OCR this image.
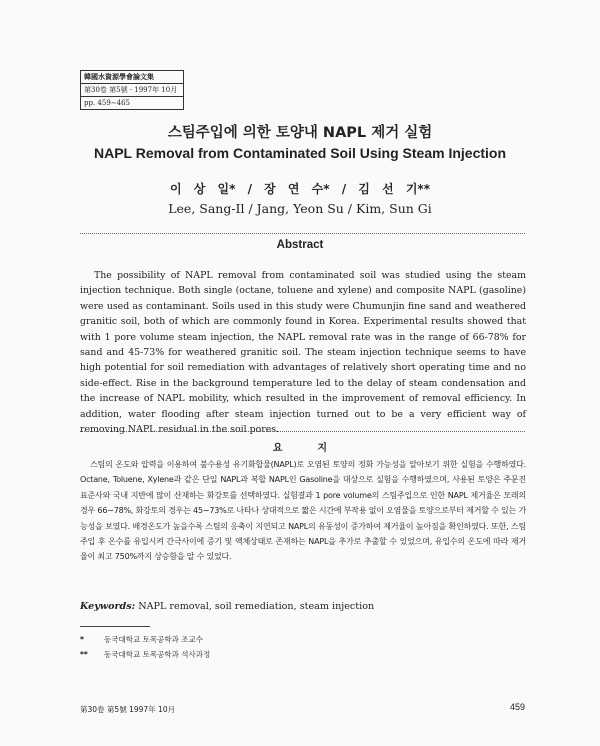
韓國水資源學會論文集
第30卷 第5號 · 1997年 10月
pp. 459∼465
스팀주입에 의한 토양내 NAPL 제거 실험
NAPL Removal from Contaminated Soil Using Steam Injection
이 상 일* / 장 연 수* / 김 선 기**
Lee, Sang-Il / Jang, Yeon Su / Kim, Sun Gi
Abstract

The possibility of NAPL removal from contaminated soil was studied using the steam injection technique. Both single (octane, toluene and xylene) and composite NAPL (gasoline) were used as contaminant. Soils used in this study were Chumunjin fine sand and weathered granitic soil, both of which are commonly found in Korea. Experimental results showed that with 1 pore volume steam injection, the NAPL removal rate was in the range of 66-78% for sand and 45-73% for weathered granitic soil. The steam injection technique seems to have high potential for soil remediation with advantages of relatively short operating time and no side-effect. Rise in the background temperature led to the delay of steam condensation and the increase of NAPL mobility, which resulted in the improvement of removal efficiency. In addition, water flooding after steam injection turned out to be a very efficient way of removing NAPL residual in the soil pores.

요          지

스팀의 온도와 압력을 이용하여 불수용성 유기화합물(NAPL)로 오염된 토양의 정화 가능성을 알아보기 위한 실험을 수행하였다. Octane, Toluene, Xylene과 같은 단일 NAPL과 복합 NAPL인 Gasoline을 대상으로 실험을 수행하였으며, 사용된 토양은 주문진 표준사와 국내 지반에 많이 산재하는 화강토를 선택하였다. 실험결과 1 pore volume의 스팀주입으로 인한 NAPL 제거율은 모래의 경우 66∼78%, 화강토의 경우는 45∼73%로 나타나 상대적으로 짧은 시간에 부작용 없이 오염물을 토양으로부터 제거할 수 있는 가능성을 보였다. 배경온도가 높을수록 스팀의 응축이 지연되고 NAPL의 유동성이 증가하여 제거율이 높아짐을 확인하였다. 또한, 스팀주입 후 온수를 유입시켜 간극사이에 증기 및 액체상태로 존재하는 NAPL을 추가로 추출할 수 있었으며, 유입수의 온도에 따라 제거율이 최고 750%까지 상승함을 알 수 있었다.

Keywords: NAPL removal, soil remediation, steam injection
*	동국대학교 토목공학과 조교수
** 동국대학교 토목공학과 석사과정
第30卷 第5號 1997年 10月	459
